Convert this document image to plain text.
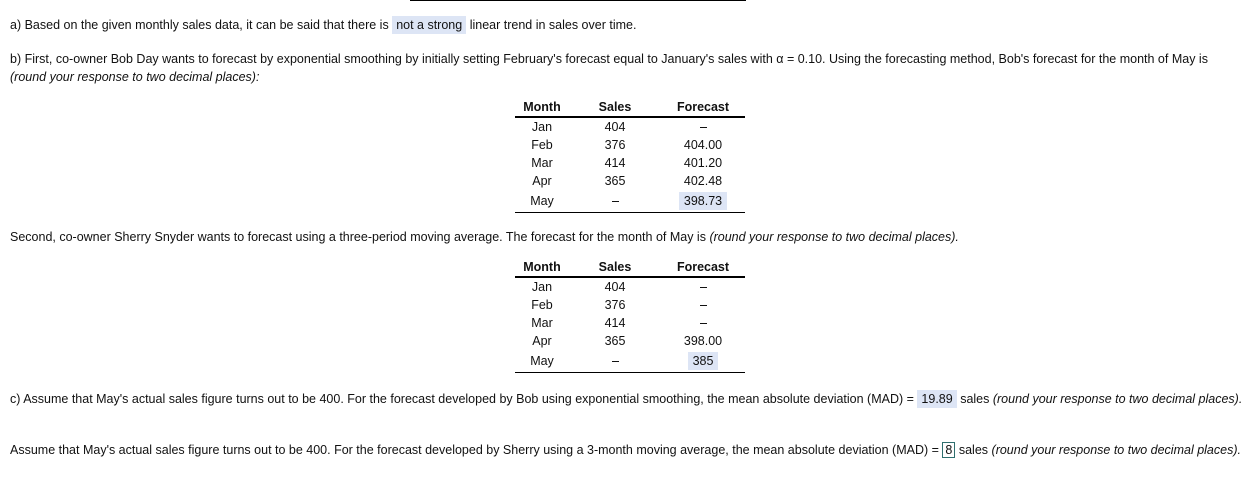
a) Based on the given monthly sales data, it can be said that there is not a strong linear trend in sales over time.
b) First, co-owner Bob Day wants to forecast by exponential smoothing by initially setting February's forecast equal to January's sales with α = 0.10. Using the forecasting method, Bob's forecast for the month of May is (round your response to two decimal places):
Month	Sales	Forecast
Jan	404	
Feb	376	404.00
Mar	414	401.20
Apr	365	402.48
May		398.73
Second, co-owner Sherry Snyder wants to forecast using a three-period moving average. The forecast for the month of May is (round your response to two decimal places).
Month	Sales	Forecast
Jan	404	
Feb	376	
Mar	414	
Apr	365	398.00
May		385
c) Assume that May's actual sales figure turns out to be 400. For the forecast developed by Bob using exponential smoothing, the mean absolute deviation (MAD) = 19.89 sales (round your response to two decimal places).
Assume that May's actual sales figure turns out to be 400. For the forecast developed by Sherry using a 3-month moving average, the mean absolute deviation (MAD) = 8 sales (round your response to two decimal places).
